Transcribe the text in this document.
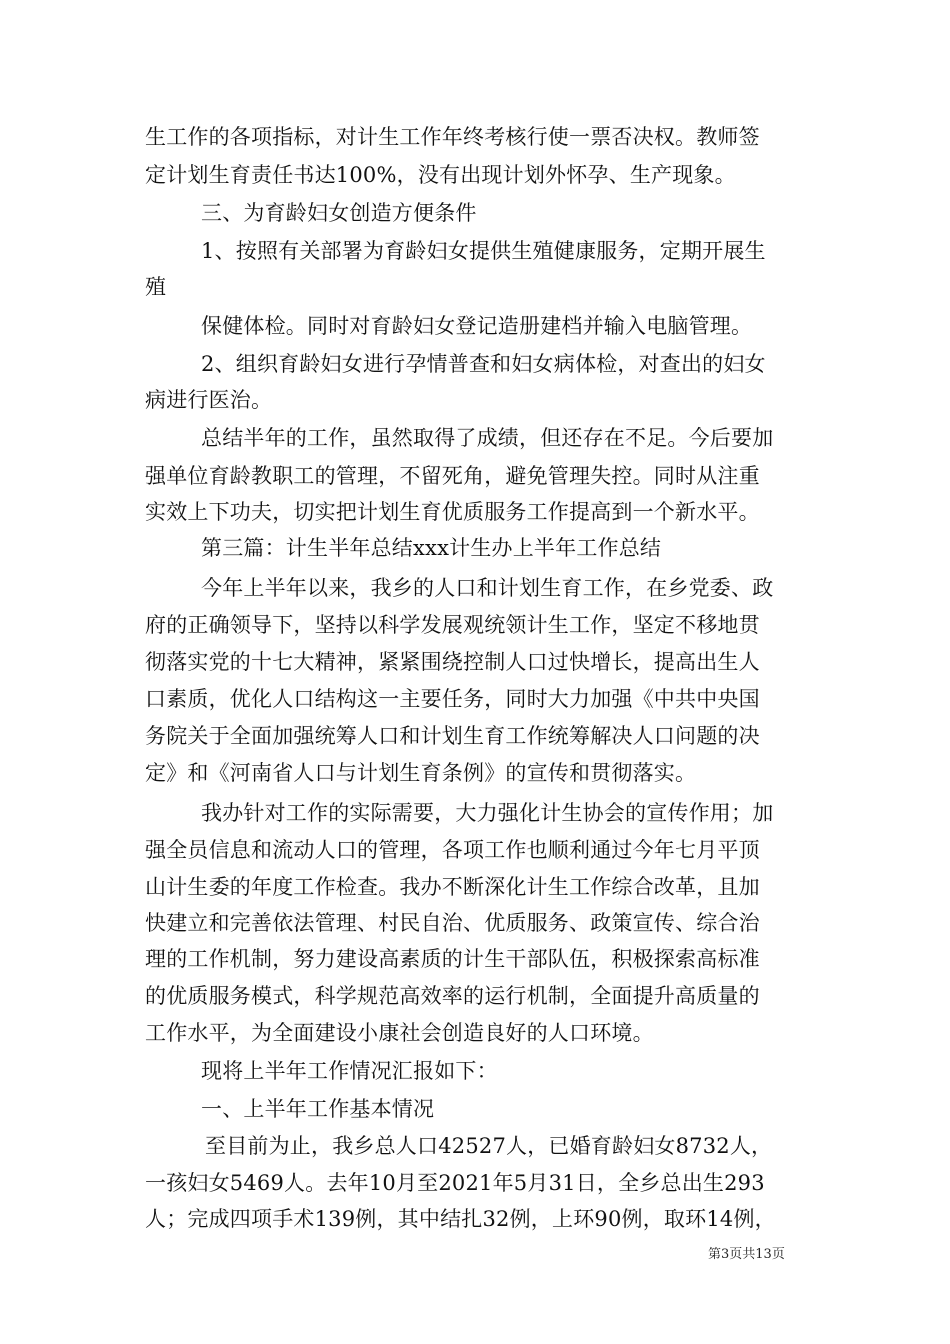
生工作的各项指标，对计生工作年终考核行使一票否决权。教师签
定计划生育责任书达100%，没有出现计划外怀孕、生产现象。
三、为育龄妇女创造方便条件
1、按照有关部署为育龄妇女提供生殖健康服务，定期开展生
殖
保健体检。同时对育龄妇女登记造册建档并输入电脑管理。
2、组织育龄妇女进行孕情普查和妇女病体检，对查出的妇女
病进行医治。
总结半年的工作，虽然取得了成绩，但还存在不足。今后要加
强单位育龄教职工的管理，不留死角，避免管理失控。同时从注重
实效上下功夫，切实把计划生育优质服务工作提高到一个新水平。
第三篇：计生半年总结xxx计生办上半年工作总结
今年上半年以来，我乡的人口和计划生育工作，在乡党委、政
府的正确领导下，坚持以科学发展观统领计生工作，坚定不移地贯
彻落实党的十七大精神，紧紧围绕控制人口过快增长，提高出生人
口素质，优化人口结构这一主要任务，同时大力加强《中共中央国
务院关于全面加强统筹人口和计划生育工作统筹解决人口问题的决
定》和《河南省人口与计划生育条例》的宣传和贯彻落实。
我办针对工作的实际需要，大力强化计生协会的宣传作用；加
强全员信息和流动人口的管理，各项工作也顺利通过今年七月平顶
山计生委的年度工作检查。我办不断深化计生工作综合改革，且加
快建立和完善依法管理、村民自治、优质服务、政策宣传、综合治
理的工作机制，努力建设高素质的计生干部队伍，积极探索高标准
的优质服务模式，科学规范高效率的运行机制，全面提升高质量的
工作水平，为全面建设小康社会创造良好的人口环境。
现将上半年工作情况汇报如下：
一、上半年工作基本情况
至目前为止，我乡总人口42527人，已婚育龄妇女8732人，
一孩妇女5469人。去年10月至2021年5月31日，全乡总出生293
人；完成四项手术139例，其中结扎32例，上环90例，取环14例，
第3页共13页
